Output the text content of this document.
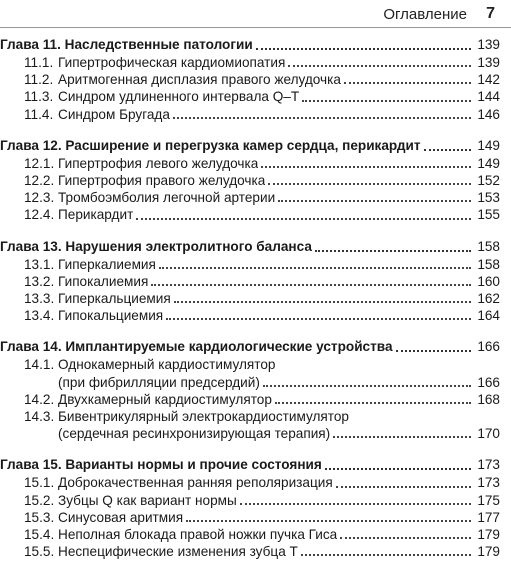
Оглавление 7
Глава 11. Наследственные патологии	139
11.1. Гипертрофическая кардиомиопатия	139
11.2. Аритмогенная дисплазия правого желудочка	142
11.3. Синдром удлиненного интервала Q–T	144
11.4. Синдром Бругада	146
Глава 12. Расширение и перегрузка камер сердца, перикардит	149
12.1. Гипертрофия левого желудочка	149
12.2. Гипертрофия правого желудочка	152
12.3. Тромбоэмболия легочной артерии	153
12.4. Перикардит	155
Глава 13. Нарушения электролитного баланса	158
13.1. Гиперкалиемия	158
13.2. Гипокалиемия	160
13.3. Гиперкальциемия	162
13.4. Гипокальциемия	164
Глава 14. Имплантируемые кардиологические устройства	166
14.1. Однокамерный кардиостимулятор
(при фибрилляции предсердий)	166
14.2. Двухкамерный кардиостимулятор	168
14.3. Бивентрикулярный электрокардиостимулятор
(сердечная ресинхронизирующая терапия)	170
Глава 15. Варианты нормы и прочие состояния	173
15.1. Доброкачественная ранняя реполяризация	173
15.2. Зубцы Q как вариант нормы	175
15.3. Синусовая аритмия	177
15.4. Неполная блокада правой ножки пучка Гиса	179
15.5. Неспецифические изменения зубца T	179
